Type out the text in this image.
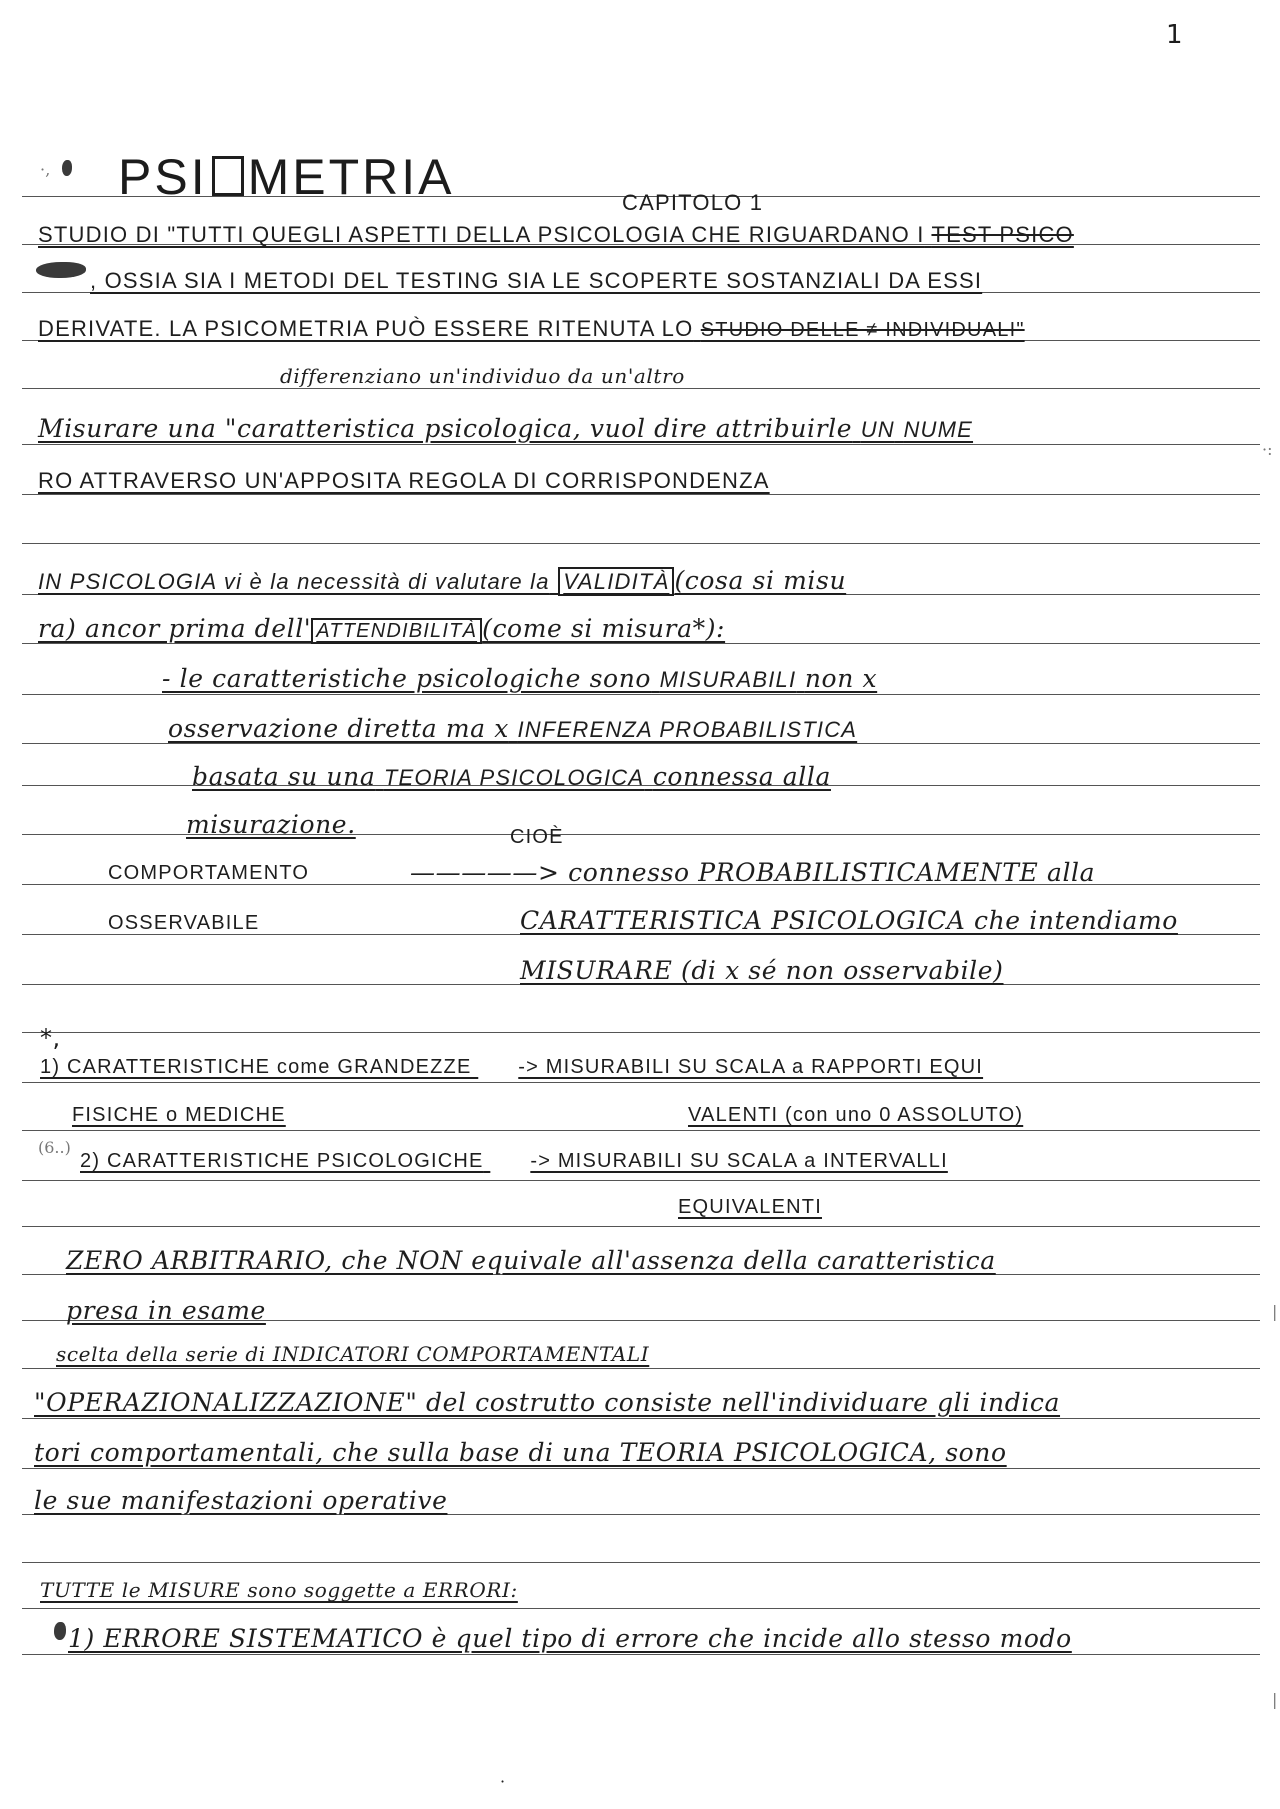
1
·‚ PSI METRIA	CAPITOLO 1
STUDIO DI "TUTTI QUEGLI ASPETTI DELLA PSICOLOGIA CHE RIGUARDANO I TEST PSICO
, OSSIA SIA I METODI DEL TESTING SIA LE SCOPERTE SOSTANZIALI DA ESSI
DERIVATE. LA PSICOMETRIA PUÒ ESSERE RITENUTA LO STUDIO DELLE ≠ INDIVIDUALI"
differenziano un'individuo da un'altro
Misurare una "caratteristica psicologica, vuol dire attribuirle UN NUME
RO ATTRAVERSO UN'APPOSITA REGOLA DI CORRISPONDENZA
IN PSICOLOGIA vi è la necessità di valutare la VALIDITÀ (cosa si misu
ra) ancor prima dell' ATTENDIBILITÀ (come si misura*):
- le caratteristiche psicologiche sono MISURABILI non x
osservazione diretta ma x INFERENZA PROBABILISTICA
basata su una TEORIA PSICOLOGICA connessa alla
misurazione.	CIOÈ
COMPORTAMENTO	—————> connesso PROBABILISTICAMENTE alla
OSSERVABILE	CARATTERISTICA PSICOLOGICA che intendiamo
MISURARE (di x sé non osservabile)
*,
1) CARATTERISTICHE come GRANDEZZE -> MISURABILI SU SCALA a RAPPORTI EQUI
FISICHE o MEDICHE	VALENTI (con uno 0 ASSOLUTO)
(6..)
2) CARATTERISTICHE PSICOLOGICHE -> MISURABILI SU SCALA a INTERVALLI
EQUIVALENTI
ZERO ARBITRARIO, che NON equivale all'assenza della caratteristica
presa in esame
scelta della serie di INDICATORI COMPORTAMENTALI
"OPERAZIONALIZZAZIONE" del costrutto consiste nell'individuare gli indica
tori comportamentali, che sulla base di una TEORIA PSICOLOGICA, sono
le sue manifestazioni operative
TUTTE le MISURE sono soggette a ERRORI:
1) ERRORE SISTEMATICO è quel tipo di errore che incide allo stesso modo
·:
|
|
·
